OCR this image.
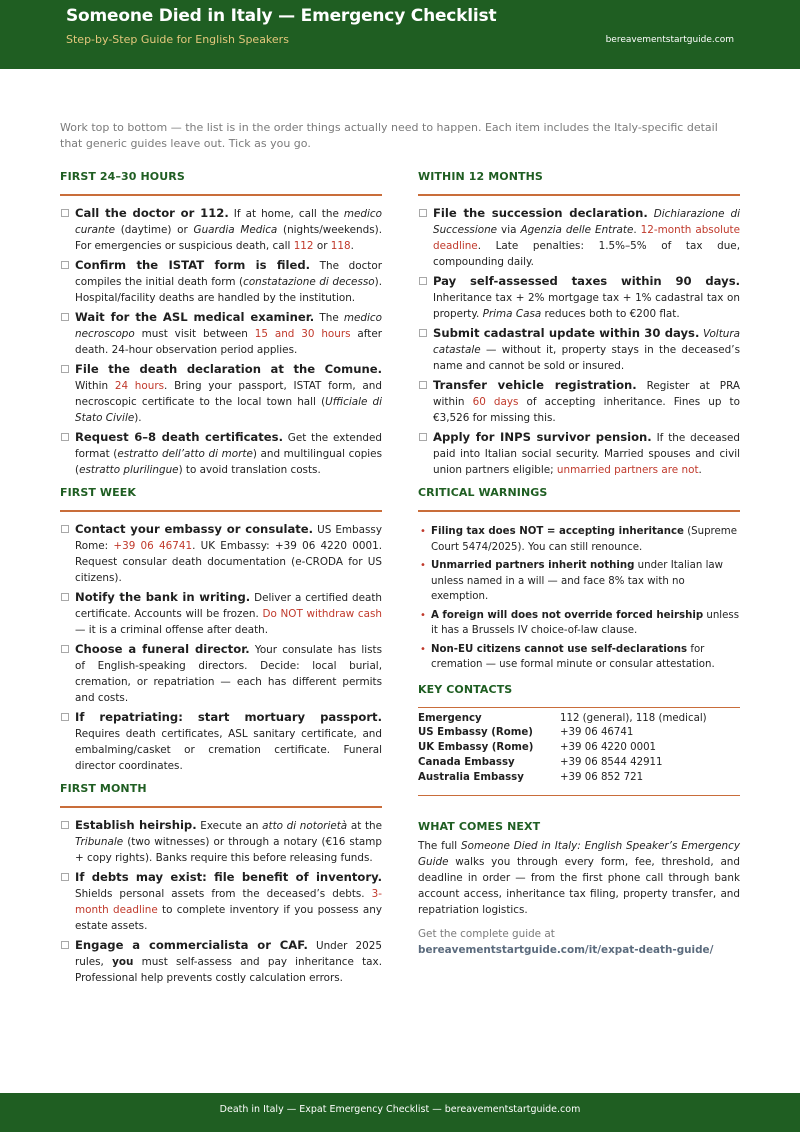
Someone Died in Italy — Emergency Checklist
Step-by-Step Guide for English Speakers	bereavementstartguide.com
Work top to bottom — the list is in the order things actually need to happen. Each item includes the Italy-specific detail that generic guides leave out. Tick as you go.
FIRST 24–30 HOURS
Call the doctor or 112. If at home, call the medico curante (daytime) or Guardia Medica (nights/weekends). For emergencies or suspicious death, call 112 or 118.
Confirm the ISTAT form is filed. The doctor compiles the initial death form (constatazione di decesso). Hospital/facility deaths are handled by the institution.
Wait for the ASL medical examiner. The medico necroscopo must visit between 15 and 30 hours after death. 24-hour observation period applies.
File the death declaration at the Comune. Within 24 hours. Bring your passport, ISTAT form, and necroscopic certificate to the local town hall (Ufficiale di Stato Civile).
Request 6–8 death certificates. Get the extended format (estratto dell’atto di morte) and multilingual copies (estratto plurilingue) to avoid translation costs.
FIRST WEEK
Contact your embassy or consulate. US Embassy Rome: +39 06 46741. UK Embassy: +39 06 4220 0001. Request consular death documentation (e-CRODA for US citizens).
Notify the bank in writing. Deliver a certified death certificate. Accounts will be frozen. Do NOT withdraw cash — it is a criminal offense after death.
Choose a funeral director. Your consulate has lists of English-speaking directors. Decide: local burial, cremation, or repatriation — each has different permits and costs.
If repatriating: start mortuary passport. Requires death certificates, ASL sanitary certificate, and embalming/casket or cremation certificate. Funeral director coordinates.
FIRST MONTH
Establish heirship. Execute an atto di notorietà at the Tribunale (two witnesses) or through a notary (€16 stamp + copy rights). Banks require this before releasing funds.
If debts may exist: file benefit of inventory. Shields personal assets from the deceased’s debts. 3-month deadline to complete inventory if you possess any estate assets.
Engage a commercialista or CAF. Under 2025 rules, you must self-assess and pay inheritance tax. Professional help prevents costly calculation errors.
WITHIN 12 MONTHS
File the succession declaration. Dichiarazione di Successione via Agenzia delle Entrate. 12-month absolute deadline. Late penalties: 1.5%–5% of tax due, compounding daily.
Pay self-assessed taxes within 90 days. Inheritance tax + 2% mortgage tax + 1% cadastral tax on property. Prima Casa reduces both to €200 flat.
Submit cadastral update within 30 days. Voltura catastale — without it, property stays in the deceased’s name and cannot be sold or insured.
Transfer vehicle registration. Register at PRA within 60 days of accepting inheritance. Fines up to €3,526 for missing this.
Apply for INPS survivor pension. If the deceased paid into Italian social security. Married spouses and civil union partners eligible; unmarried partners are not.
CRITICAL WARNINGS
• Filing tax does NOT = accepting inheritance (Supreme Court 5474/2025). You can still renounce.
• Unmarried partners inherit nothing under Italian law unless named in a will — and face 8% tax with no exemption.
• A foreign will does not override forced heirship unless it has a Brussels IV choice-of-law clause.
• Non-EU citizens cannot use self-declarations for cremation — use formal minute or consular attestation.
KEY CONTACTS
Emergency	112 (general), 118 (medical)
US Embassy (Rome)	+39 06 46741
UK Embassy (Rome)	+39 06 4220 0001
Canada Embassy	+39 06 8544 42911
Australia Embassy	+39 06 852 721
WHAT COMES NEXT
The full Someone Died in Italy: English Speaker’s Emergency Guide walks you through every form, fee, threshold, and deadline in order — from the first phone call through bank account access, inheritance tax filing, property transfer, and repatriation logistics.
Get the complete guide at
bereavementstartguide.com/it/expat-death-guide/
Death in Italy — Expat Emergency Checklist — bereavementstartguide.com
